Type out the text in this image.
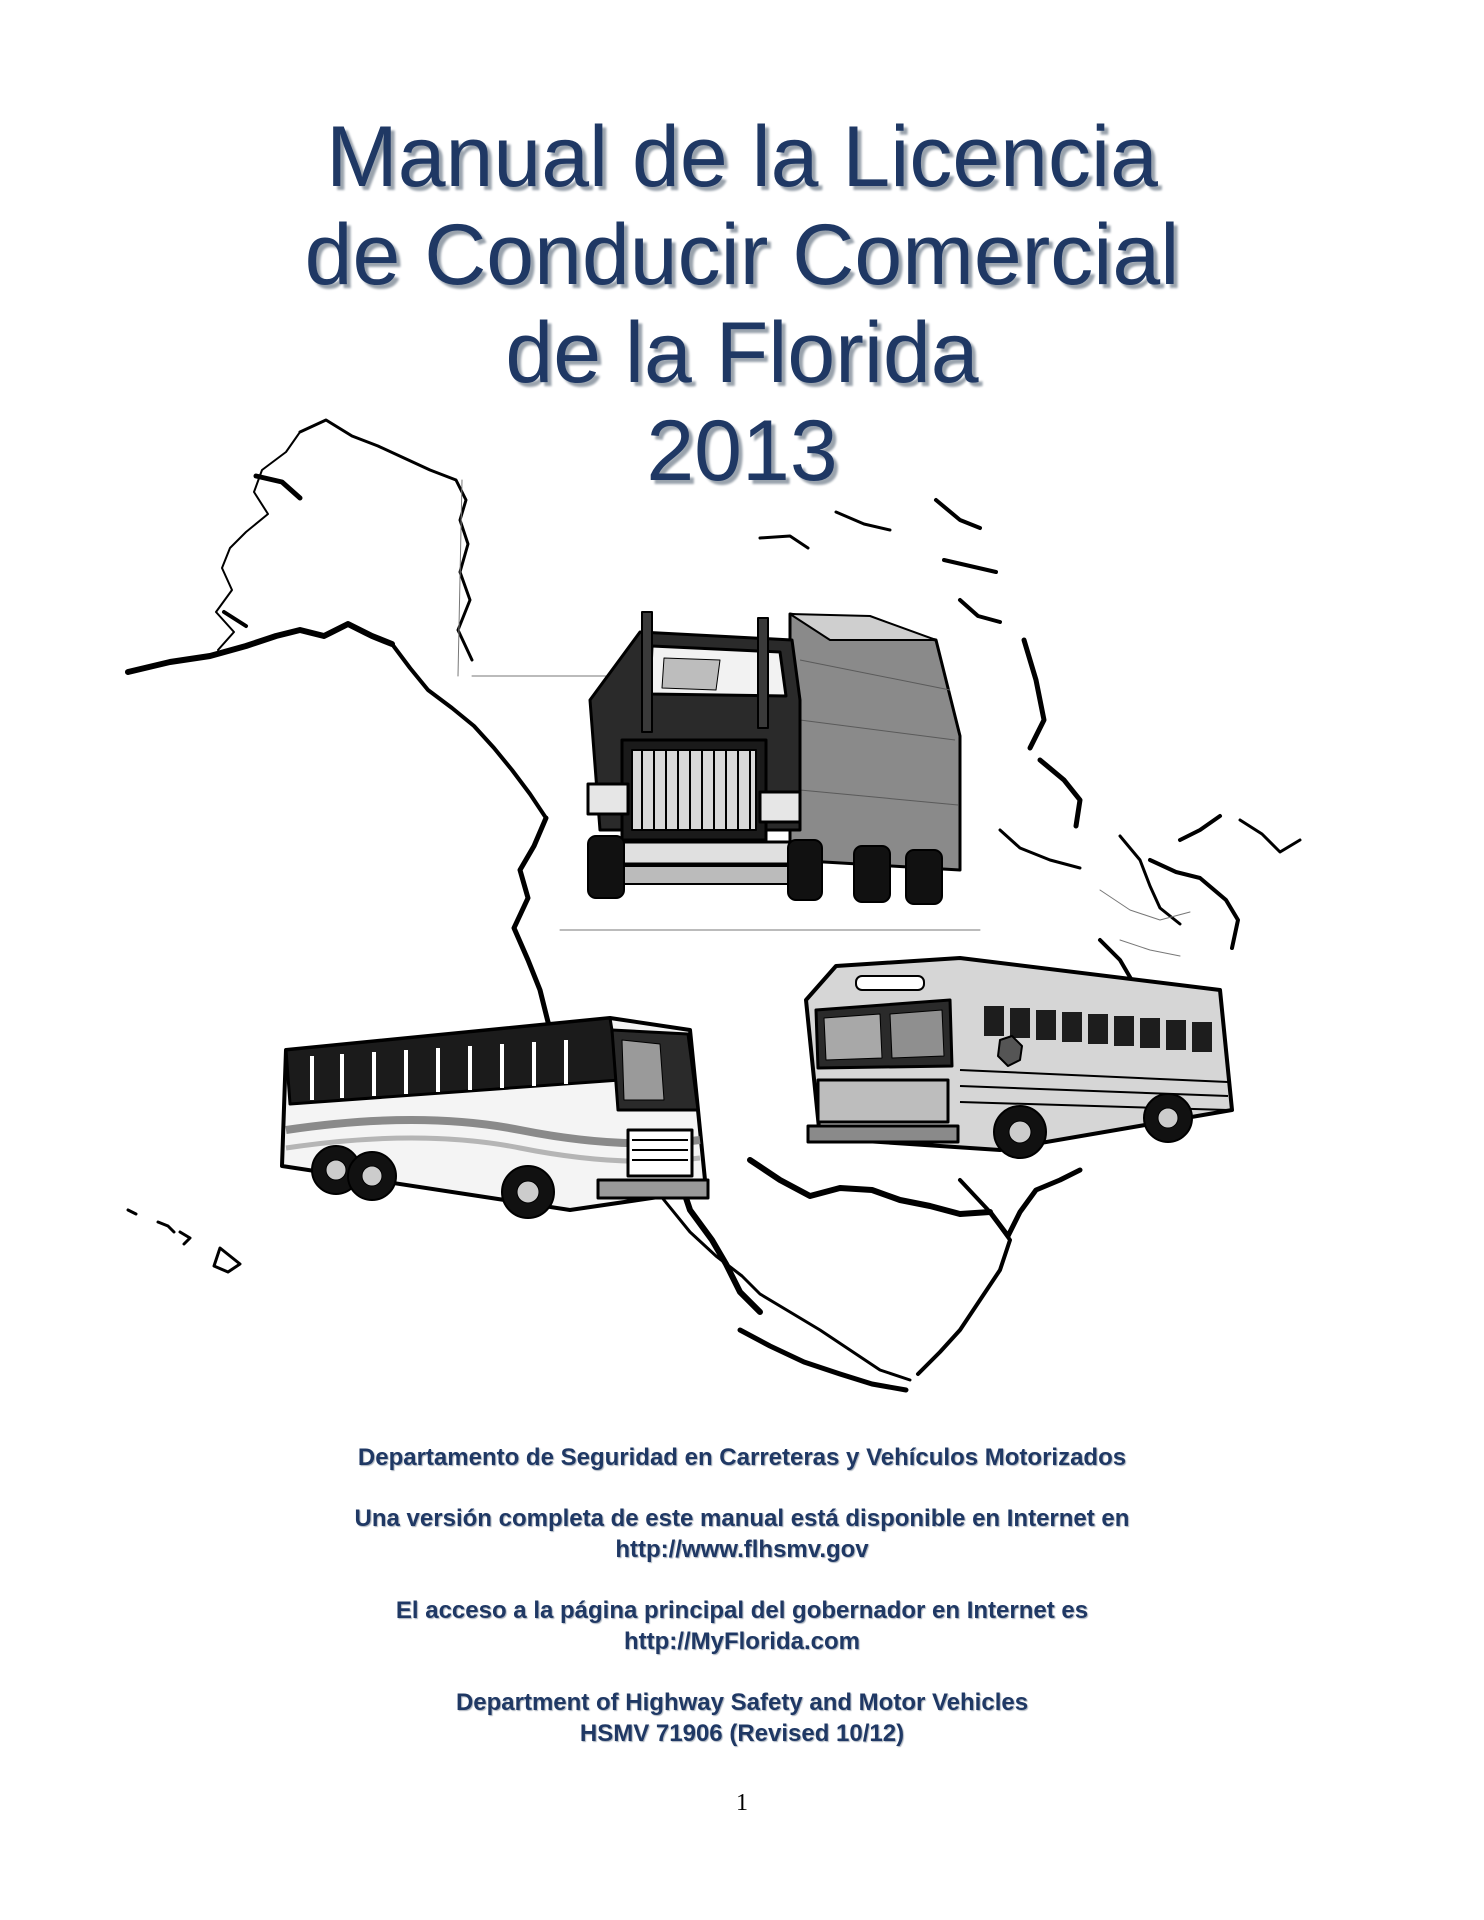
Manual de la Licencia
de Conducir Comercial
de la Florida
2013

Departamento de Seguridad en Carreteras y Vehículos Motorizados

Una versión completa de este manual está disponible en Internet en
http://www.flhsmv.gov

El acceso a la página principal del gobernador en Internet es
http://MyFlorida.com

Department of Highway Safety and Motor Vehicles
HSMV 71906 (Revised 10/12)

1
